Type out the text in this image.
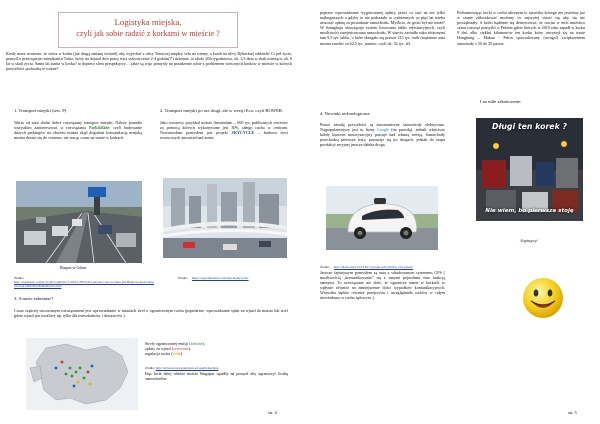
Logistyka miejska,
czyli jak sobie radzić z korkami w mieście ?

Kiedy masz wrażenie, że stoisz w korku (już drugą zmianę świateł), aby wyjechać z ulicy Tatarczej między celu na wiemy, a korek na ulicy Rybackiej oddzielić Ci pół życia, pomyśl o przeciętnym mieszkańcu Tokio, który na dojazd do/z pracy traci statystycznie 2-4 godzin(!!) dziennie, to około 20h tygodniowo, ok. 3,5 dnia w skali miesiąca, ok. 6 lat w skali życia. Samo lat stania w korku? to dopiero sfera perspektywy… jakie są więc pomysły na poradzenie sobie z problemem wiecznych korków w mieście w których przyszłości pochodzą te ważne?

1. Transport miejski (tzw. P)

Warto od razu dodać dobre rozwiązany transport miejski. Należy ponadto wszystkim zainteresować w rozwiązania Park&Ride: czyli budowanie dużych parkingów na obrzeżu miasta skąd dogodnie komunikacją miejską można dostać się do centrum, nie tracąc czasu na stanie w korkach.

Buspas w Gdyni
Źródło:
http://trojmiasto.wyborcza.pl/trojmiasto/1,35612,20052451,gdynia-z-ktora-rzeka-jak-Biuprzez-korki-ekspresowej.html?disableRedirects=true

2. Transport miejski po raz drugi, ale w wersji Eco, czyli ROWER.

Jako wzorowy przykład miasto Amsterdam – 600 tys. publicznych rowerów za pomocą których wykonywane jest 30% całego ruchu w centrum. Nowatorskim pomysłem jest projekt SKYCYCLE – budowa sieci rowerowych autostrad nad ziemi

Źródło: https://tuptomtrzenie.com/skycle/skycycle/

3. A może zabraniać?

Coraz częściej stosowanym rozwiązaniem jest wprowadzanie w miastach stref o ograniczonym ruchu (popularnie, wprowadzanie opłat za wjazd do miasta lub stref gdzie wjazd jest możliwy np. tylko dla mieszkańców i dostawców ).

Strefy ograniczonej emisji (zielone),

opłaty za wjazd (czerwone),

regulacja ruchu (żółte).

Źródło: http://urbanaccessregulations.eu/userhome/map

Idąc krok dalej władze miasta Singapur wpadły na pomysł aby ograniczyć liczbę samochodów

str. 4

poprzez wprowadzanie wygórowanej opłaty, przez co stać na nie tylko najbogatszych a gdyby to nie podrażało to codziennych co pięć lat trzeba uiszczać opłatę za posiadanie samochodu. Myślicie, że grozi był nie może? W Szanghaju obowiązuje system losowania tablic rejestracyjnych, czyli możliwości zarejestrowania samochodu. W starciu zasiadło ruku złożonymi tam 9,5 tys. tablic, o które ubiegało się prawie 215 tys. osób (najtańsze auta można zarobić za 62,5 tys. juanów, czyli ok. 32 tys. zł).

4. Nowinki technologiczne

Ponoć zasadą przyszłości są autonomiczne samochody elektryczne. Najpopularniejszy jest tu firmy Google (na prawdę), jednak właściwie każdy koncern motoryzacyjny pracuje nad własną wersją. Samochody przechodzą pierwsze testy, pozostaje się po drogach, jednak do etapu produkcji seryjnej jeszcze daleka droga.

Źródło: http://diana.tomi/132/TM-7/google-self-driving-cars-patent/

Jeszcze fajniejszym pomysłem są auta z wbudowanym systemem GPS ( możliwością „komunikowania” się z innymi pojazdami oraz funkcją sannymi. To rozwiązanie nie dość, że ogranicza stanie w korkach to wpłynie również na zmniejszenie ilości wypadków komunikacyjnych. Wszystko będzie również przejrzysta i uwzględniało ruchów w całym niewiadomo w ruchu lądowym ;)

Podsumowując korki w ruchu ulicznym to zjawisko którego nie jesteśmy już w stanie zlikwidować możemy co najwyżej starać się aby się nie powiększały. A korki bądźmie się denerwować, że tracisz w nich mnóstwo czasu rozwiąż pomyślić o Pekinie gdzie których w 2010 roku zapadł w korku 9 dni, albo ciekłaś kilometrów ten korku który utworzył się na trasie Hongkong – Makau - Pekin spowodowany (uwaga!) zwiększeniem autostrady z 50 do 20 pasów.

I na miłe zakończenie:
Długi ten korek ?
Nie wiem, bo pierwsza stoję
/logistycy/
str. 5
